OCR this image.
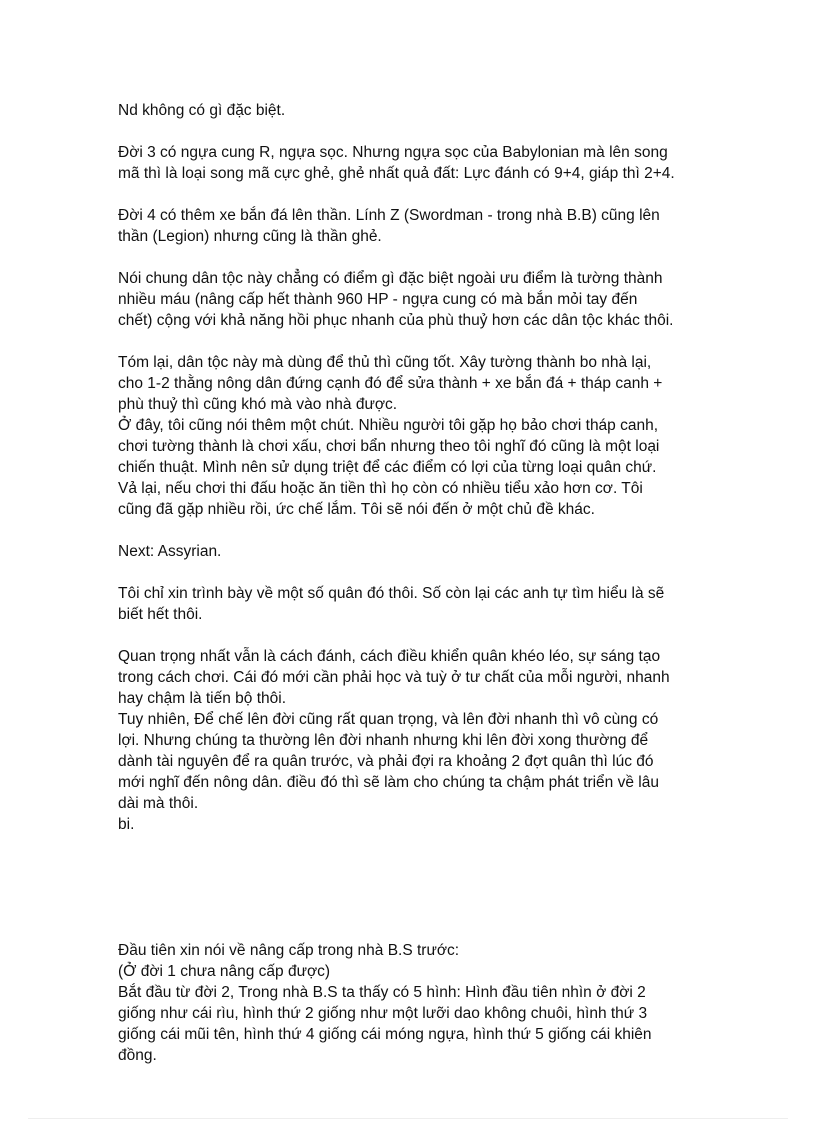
Nd không có gì đặc biệt.

Đời 3 có ngựa cung R, ngựa sọc. Nhưng ngựa sọc của Babylonian mà lên song

mã thì là loại song mã cực ghẻ, ghẻ nhất quả đất: Lực đánh có 9+4, giáp thì 2+4.

Đời 4 có thêm xe bắn đá lên thần. Lính Z (Swordman - trong nhà B.B) cũng lên

thần (Legion) nhưng cũng là thần ghẻ.

Nói chung dân tộc này chẳng có điểm gì đặc biệt ngoài ưu điểm là tường thành

nhiều máu (nâng cấp hết thành 960 HP - ngựa cung có mà bắn mỏi tay đến

chết) cộng với khả năng hồi phục nhanh của phù thuỷ hơn các dân tộc khác thôi.

Tóm lại, dân tộc này mà dùng để thủ thì cũng tốt. Xây tường thành bo nhà lại,

cho 1-2 thằng nông dân đứng cạnh đó để sửa thành + xe bắn đá + tháp canh +

phù thuỷ thì cũng khó mà vào nhà được.

Ở đây, tôi cũng nói thêm một chút. Nhiều người tôi gặp họ bảo chơi tháp canh,

chơi tường thành là chơi xấu, chơi bẩn nhưng theo tôi nghĩ đó cũng là một loại

chiến thuật. Mình nên sử dụng triệt để các điểm có lợi của từng loại quân chứ.

Vả lại, nếu chơi thi đấu hoặc ăn tiền thì họ còn có nhiều tiểu xảo hơn cơ. Tôi

cũng đã gặp nhiều rồi, ức chế lắm. Tôi sẽ nói đến ở một chủ đề khác.

Next: Assyrian.

Tôi chỉ xin trình bày về một số quân đó thôi. Số còn lại các anh tự tìm hiểu là sẽ

biết hết thôi.

Quan trọng nhất vẫn là cách đánh, cách điều khiển quân khéo léo, sự sáng tạo

trong cách chơi. Cái đó mới cần phải học và tuỳ ở tư chất của mỗi người, nhanh

hay chậm là tiến bộ thôi.

Tuy nhiên, Để chế lên đời cũng rất quan trọng, và lên đời nhanh thì vô cùng có

lợi. Nhưng chúng ta thường lên đời nhanh nhưng khi lên đời xong thường để

dành tài nguyên để ra quân trước, và phải đợi ra khoảng 2 đợt quân thì lúc đó

mới nghĩ đến nông dân. điều đó thì sẽ làm cho chúng ta chậm phát triển về lâu

dài mà thôi.

bi.

Đầu tiên xin nói về nâng cấp trong nhà B.S trước:

(Ở đời 1 chưa nâng cấp được)

Bắt đầu từ đời 2, Trong nhà B.S ta thấy có 5 hình: Hình đầu tiên nhìn ở đời 2

giống như cái rìu, hình thứ 2 giống như một lưỡi dao không chuôi, hình thứ 3

giống cái mũi tên, hình thứ 4 giống cái móng ngựa, hình thứ 5 giống cái khiên

đồng.
